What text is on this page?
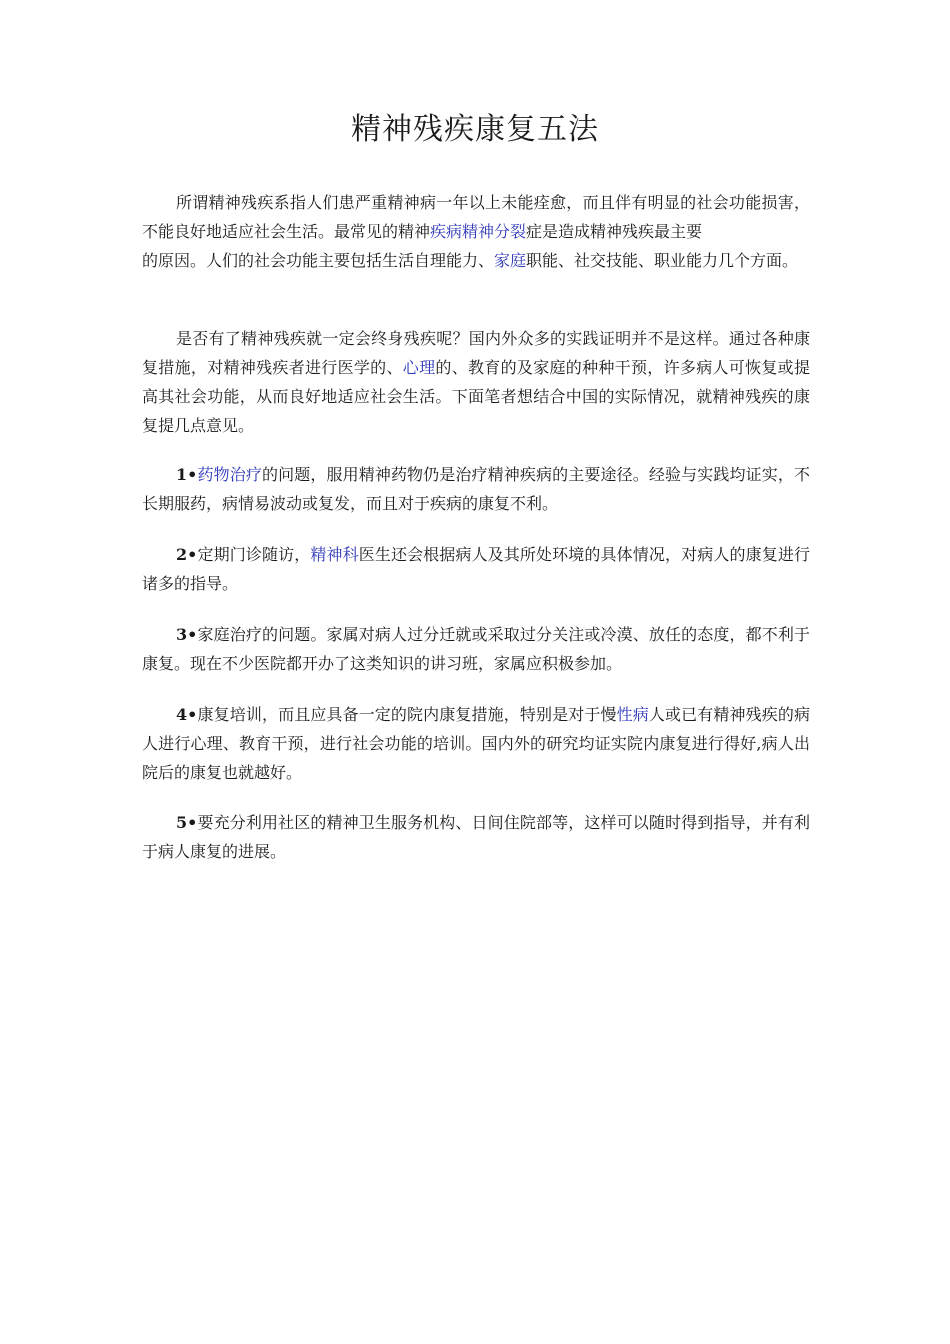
精神残疾康复五法

所谓精神残疾系指人们患严重精神病一年以上未能痊愈，而且伴有明显的社会功能损害，不能良好地适应社会生活。最常见的精神疾病精神分裂症是造成精神残疾最主要
的原因。人们的社会功能主要包括生活自理能力、家庭职能、社交技能、职业能力几个方面。

是否有了精神残疾就一定会终身残疾呢？国内外众多的实践证明并不是这样。通过各种康复措施，对精神残疾者进行医学的、心理的、教育的及家庭的种种干预，许多病人可恢复或提高其社会功能，从而良好地适应社会生活。下面笔者想结合中国的实际情况，就精神残疾的康复提几点意见。

1•药物治疗的问题，服用精神药物仍是治疗精神疾病的主要途径。经验与实践均证实，不长期服药，病情易波动或复发，而且对于疾病的康复不利。

2•定期门诊随访，精神科医生还会根据病人及其所处环境的具体情况，对病人的康复进行诸多的指导。

3•家庭治疗的问题。家属对病人过分迁就或采取过分关注或冷漠、放任的态度，都不利于康复。现在不少医院都开办了这类知识的讲习班，家属应积极参加。

4•康复培训，而且应具备一定的院内康复措施，特别是对于慢性病人或已有精神残疾的病人进行心理、教育干预，进行社会功能的培训。国内外的研究均证实院内康复进行得好,病人出院后的康复也就越好。

5•要充分利用社区的精神卫生服务机构、日间住院部等，这样可以随时得到指导，并有利于病人康复的进展。
